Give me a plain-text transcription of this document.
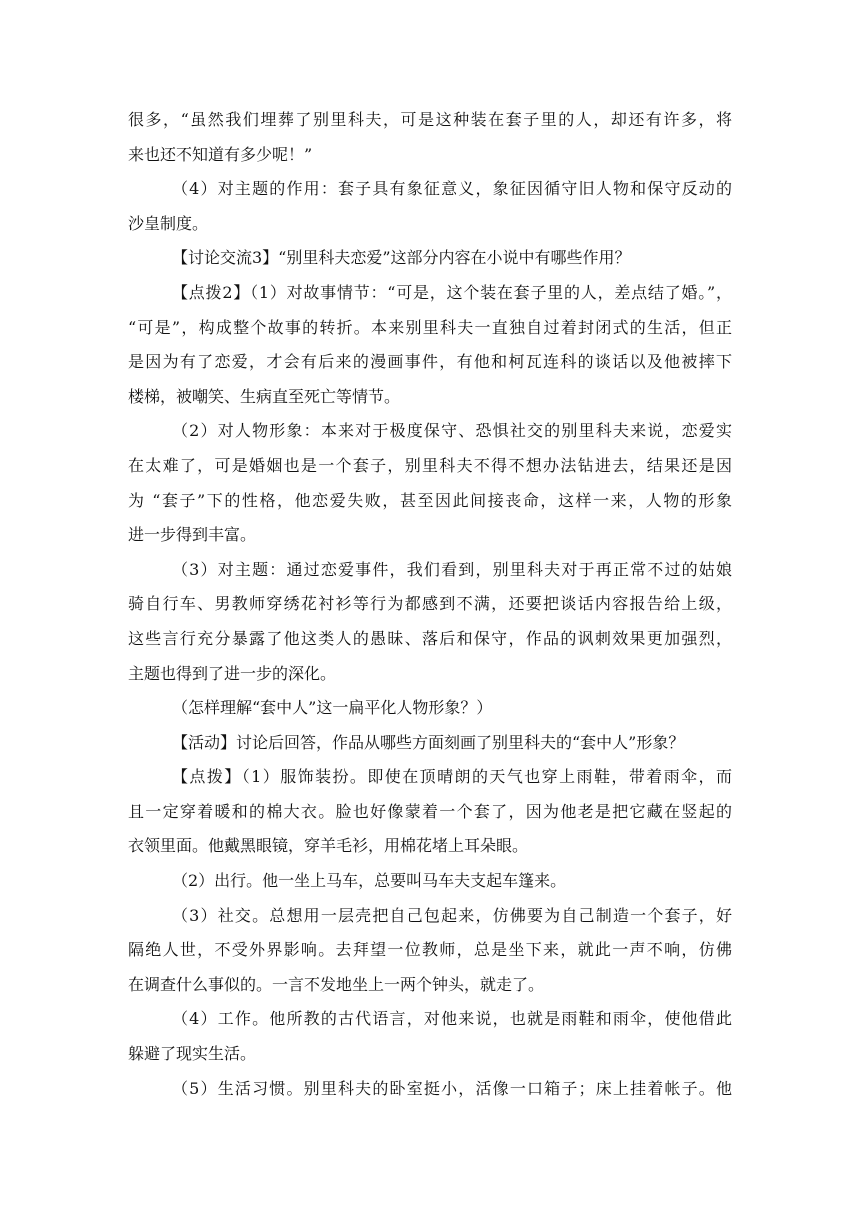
很多，“虽然我们埋葬了别里科夫，可是这种装在套子里的人，却还有许多，将
来也还不知道有多少呢！”
（4）对主题的作用：套子具有象征意义，象征因循守旧人物和保守反动的
沙皇制度。
【讨论交流3】“别里科夫恋爱”这部分内容在小说中有哪些作用？
【点拨2】（1）对故事情节：“可是，这个装在套子里的人，差点结了婚。”，
“可是”，构成整个故事的转折。本来别里科夫一直独自过着封闭式的生活，但正
是因为有了恋爱，才会有后来的漫画事件，有他和柯瓦连科的谈话以及他被摔下
楼梯，被嘲笑、生病直至死亡等情节。
（2）对人物形象：本来对于极度保守、恐惧社交的别里科夫来说，恋爱实
在太难了，可是婚姻也是一个套子，别里科夫不得不想办法钻进去，结果还是因
为 “套子”下的性格，他恋爱失败，甚至因此间接丧命，这样一来，人物的形象
进一步得到丰富。
（3）对主题：通过恋爱事件，我们看到，别里科夫对于再正常不过的姑娘
骑自行车、男教师穿绣花衬衫等行为都感到不满，还要把谈话内容报告给上级，
这些言行充分暴露了他这类人的愚昧、落后和保守，作品的讽刺效果更加强烈，
主题也得到了进一步的深化。
（怎样理解“套中人”这一扁平化人物形象？）
【活动】讨论后回答，作品从哪些方面刻画了别里科夫的“套中人”形象？
【点拨】（1）服饰装扮。即使在顶晴朗的天气也穿上雨鞋，带着雨伞，而
且一定穿着暖和的棉大衣。脸也好像蒙着一个套了，因为他老是把它藏在竖起的
衣领里面。他戴黑眼镜，穿羊毛衫，用棉花堵上耳朵眼。
（2）出行。他一坐上马车，总要叫马车夫支起车篷来。
（3）社交。总想用一层壳把自己包起来，仿佛要为自己制造一个套子，好
隔绝人世，不受外界影响。去拜望一位教师，总是坐下来，就此一声不响，仿佛
在调查什么事似的。一言不发地坐上一两个钟头，就走了。
（4）工作。他所教的古代语言，对他来说，也就是雨鞋和雨伞，使他借此
躲避了现实生活。
（5）生活习惯。别里科夫的卧室挺小，活像一口箱子；床上挂着帐子。他
